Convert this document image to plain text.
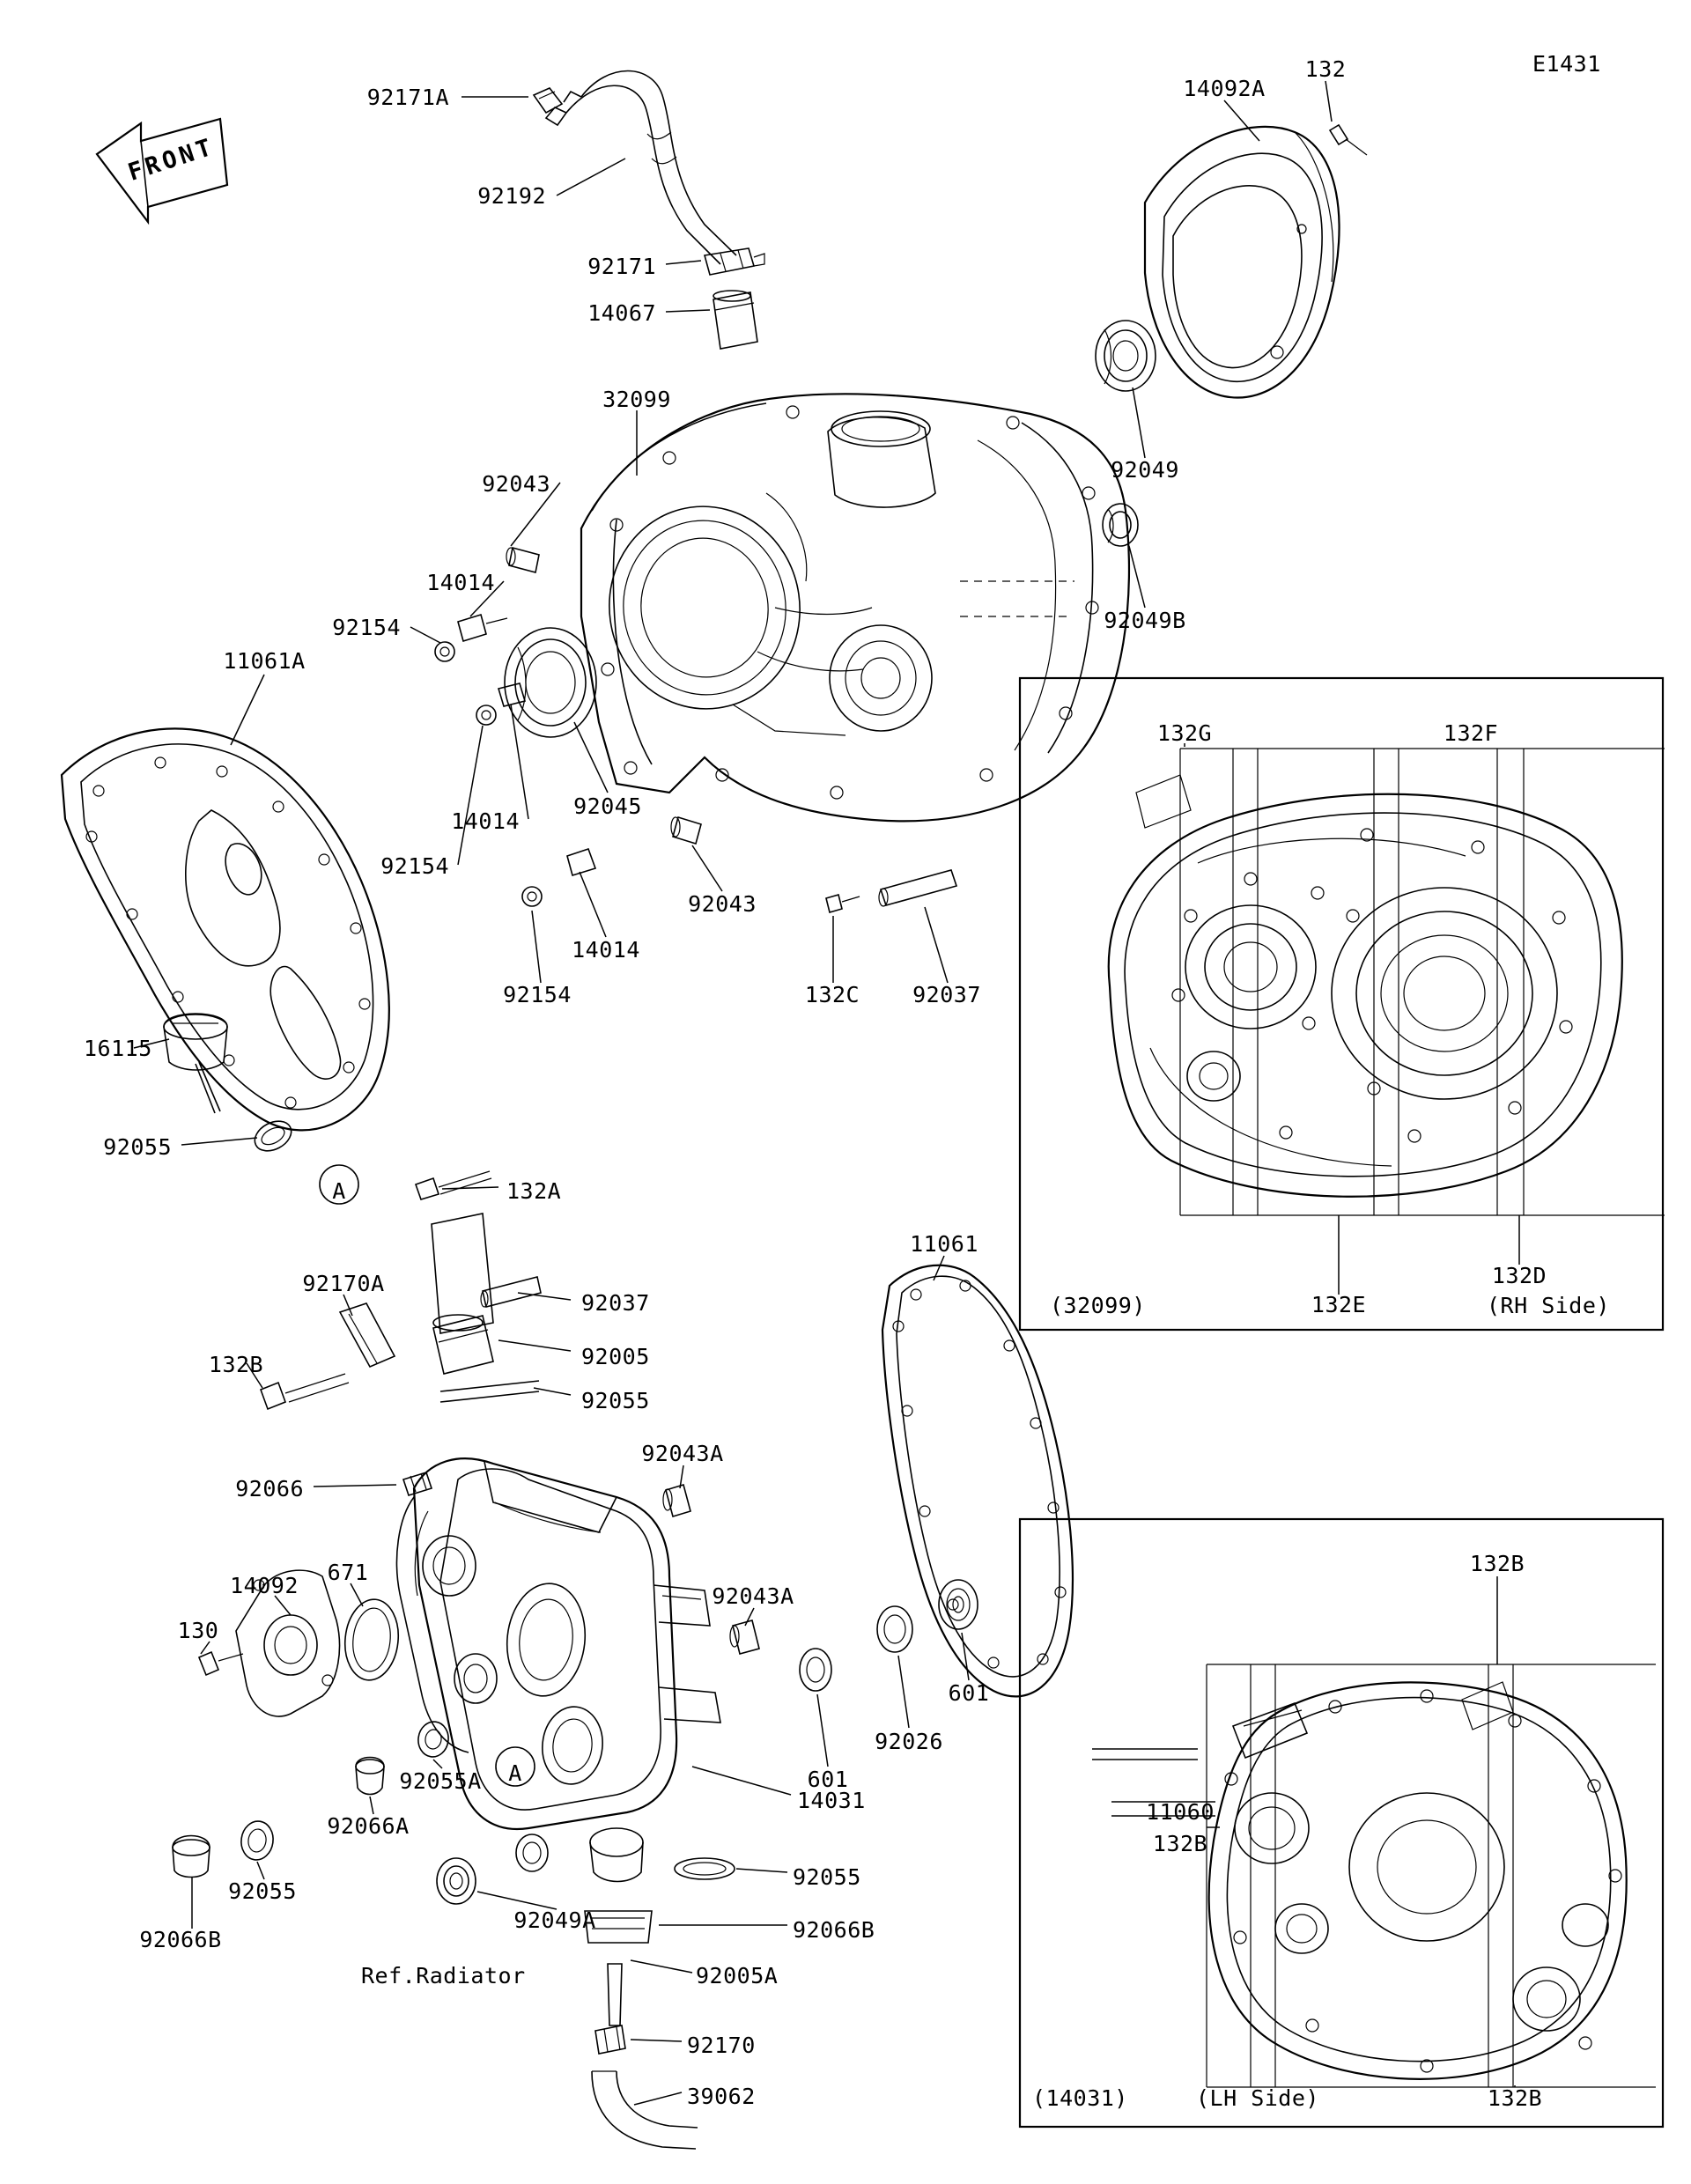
FRONT
E1431
(32099)	(RH Side)
(14031)	(LH Side)
92171A
92192
92171
14067
32099
92043
14014
92154
11061A
14014
92154
92045
92043
14014
92154	132C 92037
14092A
132
92049
92049B
16115
92055
A	132A
92170A
132B
92037
92005
92055
92043A
92066
671
14092
130
11061
92043A
601
92026
601
92055A A
92066A
14031
92055
92066B
92005A
92055
92066B
92049A
Ref.Radiator
92170
39062
132G	132F
132D
132E
132B
11060
132B
132B
